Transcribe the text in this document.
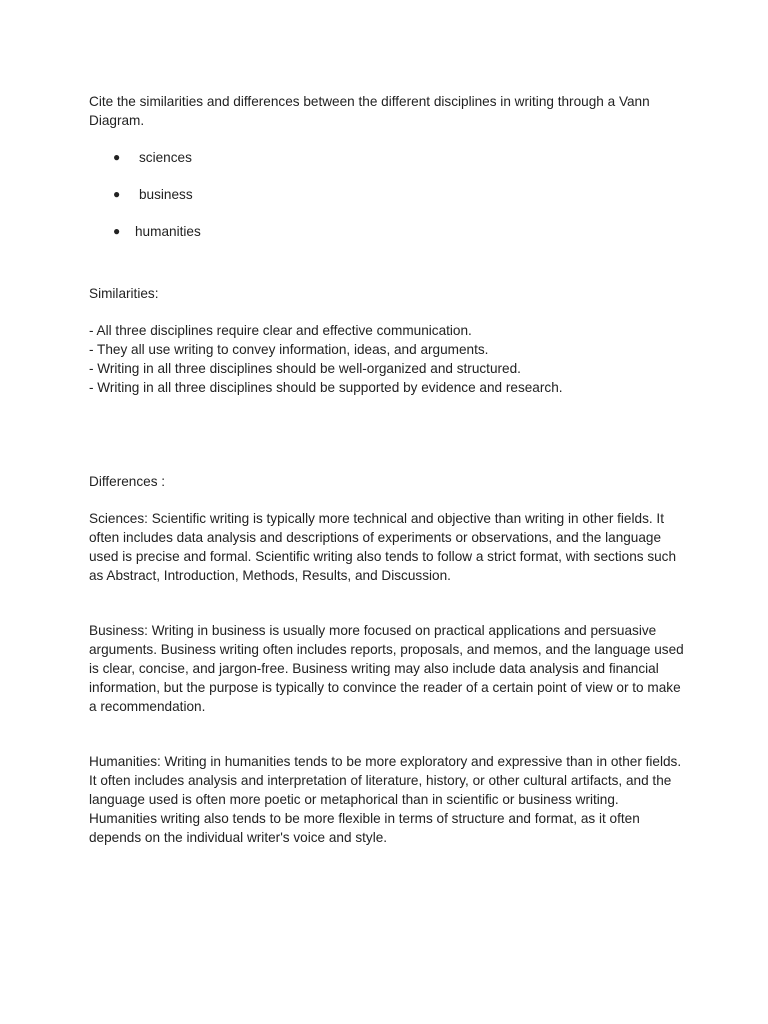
Cite the similarities and differences between the different disciplines in writing through a Vann Diagram.

● sciences
● business
● humanities

Similarities:

- All three disciplines require clear and effective communication.

- They all use writing to convey information, ideas, and arguments.

- Writing in all three disciplines should be well-organized and structured.

- Writing in all three disciplines should be supported by evidence and research.

Differences :

Sciences: Scientific writing is typically more technical and objective than writing in other fields. It often includes data analysis and descriptions of experiments or observations, and the language used is precise and formal. Scientific writing also tends to follow a strict format, with sections such as Abstract, Introduction, Methods, Results, and Discussion.

Business: Writing in business is usually more focused on practical applications and persuasive arguments. Business writing often includes reports, proposals, and memos, and the language used is clear, concise, and jargon-free. Business writing may also include data analysis and financial information, but the purpose is typically to convince the reader of a certain point of view or to make a recommendation.

Humanities: Writing in humanities tends to be more exploratory and expressive than in other fields. It often includes analysis and interpretation of literature, history, or other cultural artifacts, and the language used is often more poetic or metaphorical than in scientific or business writing. Humanities writing also tends to be more flexible in terms of structure and format, as it often depends on the individual writer's voice and style.
